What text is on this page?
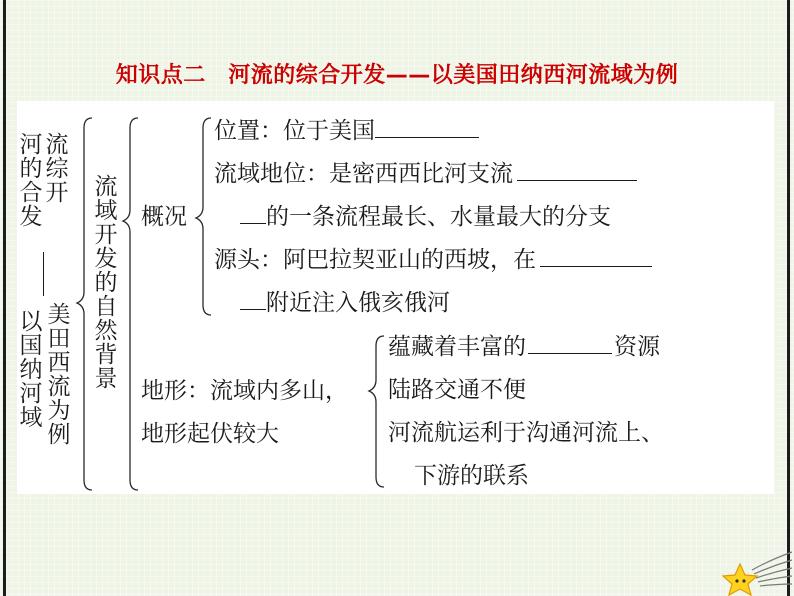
知识点二　河流的综合开发——以美国田纳西河流域为例
河
的
合
发
流
综
开
以
国
纳
河
域
美
田
西
流
为
例
流
域
开
发
的
自
然
背
景
概况
位置：位于美国
流域地位：是密西西比河支流
的一条流程最长、水量最大的分支
源头：阿巴拉契亚山的西坡，在
附近注入俄亥俄河
地形：流域内多山，
地形起伏较大
蕴藏着丰富的	资源
陆路交通不便
河流航运利于沟通河流上、
下游的联系
